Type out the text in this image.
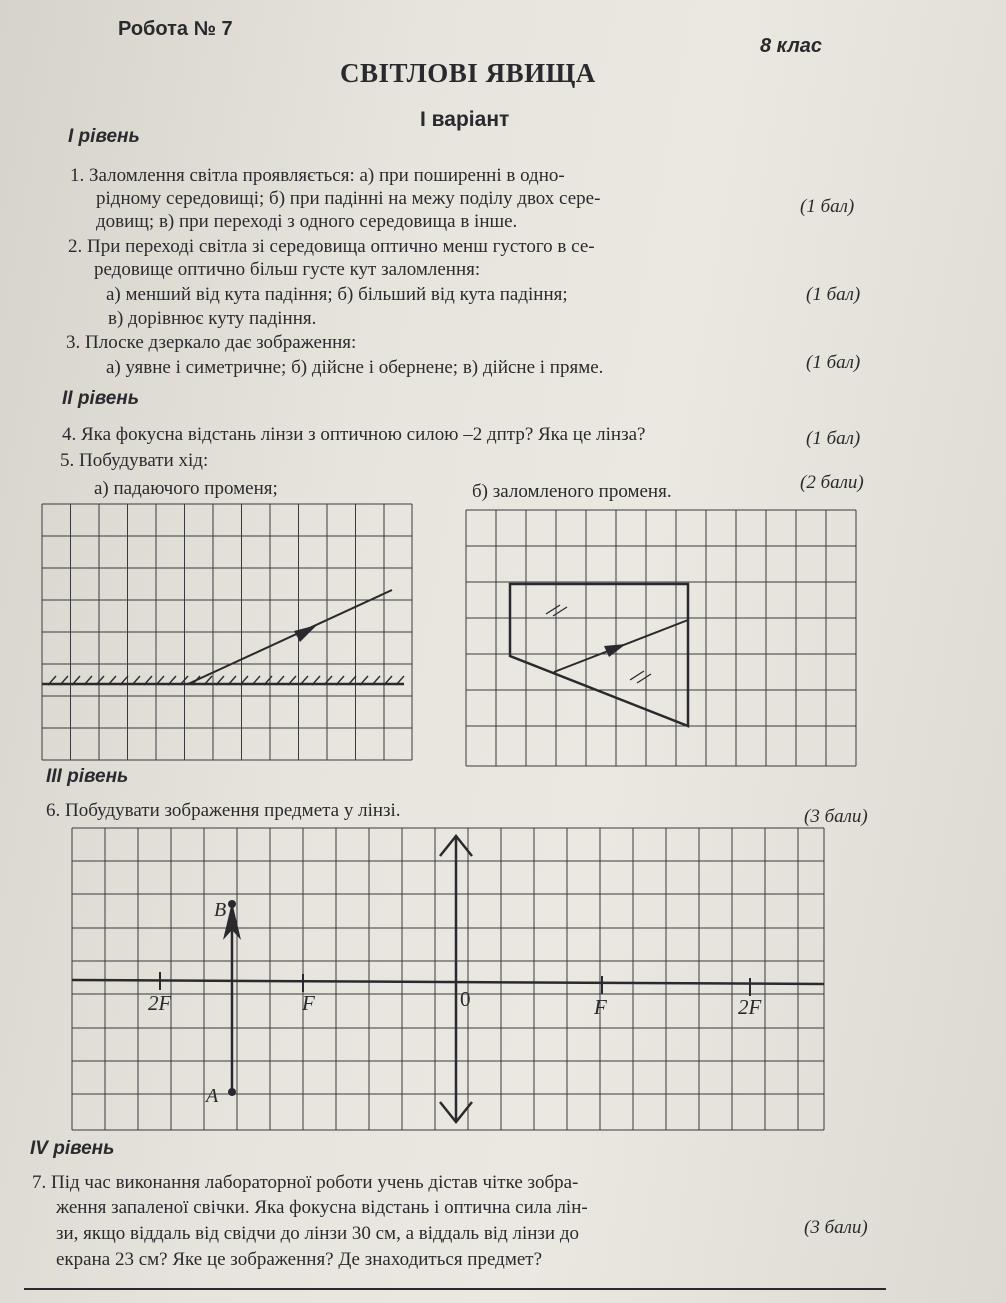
Робота № 7
8 клас
СВІТЛОВІ ЯВИЩА
І варіант
І рівень
1. Заломлення світла проявляється: а) при поширенні в одно-
рідному середовищі; б) при падінні на межу поділу двох сере-
довищ; в) при переході з одного середовища в інше.
(1 бал)
2. При переході світла зі середовища оптично менш густого в се-
редовище оптично більш густе кут заломлення:
а) менший від кута падіння; б) більший від кута падіння;
в) дорівнює куту падіння.
(1 бал)
3. Плоске дзеркало дає зображення:
а) уявне і симетричне; б) дійсне і обернене; в) дійсне і пряме.	(1 бал)
ІІ рівень
4. Яка фокусна відстань лінзи з оптичною силою –2 дптр? Яка це лінза?	(1 бал)
5. Побудувати хід:
а) падаючого променя;	б) заломленого променя.	(2 бали)
ІІІ рівень
6. Побудувати зображення предмета у лінзі.	(3 бали)
2F	F	0	F	2F
B
A
ІV рівень
7. Під час виконання лабораторної роботи учень дістав чітке зобра-
ження запаленої свічки. Яка фокусна відстань і оптична сила лін-
зи, якщо віддаль від свідчи до лінзи 30 см, а віддаль від лінзи до
екрана 23 см? Яке це зображення? Де знаходиться предмет?
(3 бали)
